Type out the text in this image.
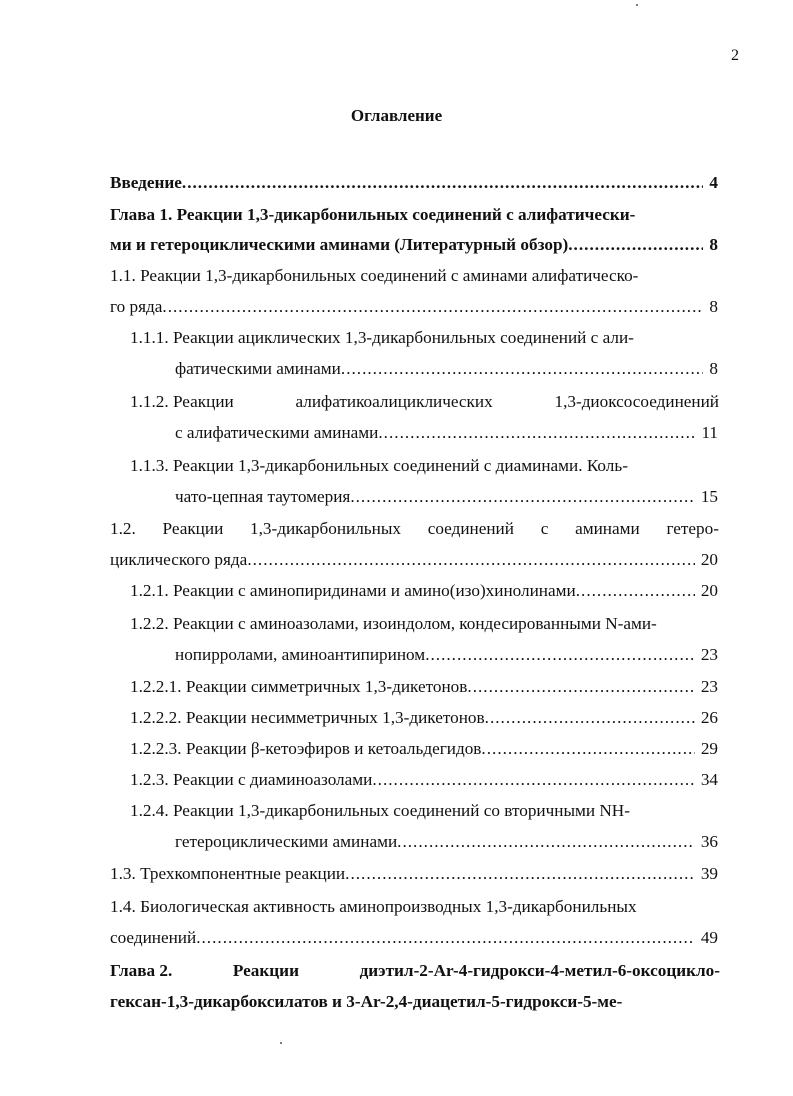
2
Оглавление
Введение .....	4
Глава 1. Реакции 1,3-дикарбонильных соединений с алифатически-
ми и гетероциклическими аминами (Литературный обзор) .....	8
1.1. Реакции 1,3-дикарбонильных соединений с аминами алифатическо-
го ряда .....	8
1.1.1. Реакции ациклических 1,3-дикарбонильных соединений с али-
фатическими аминами .....	8
1.1.2. Реакции	алифатикоалициклических	1,3-диоксосоединений
с алифатическими аминами .....	11
1.1.3. Реакции 1,3-дикарбонильных соединений с диаминами. Коль-
чато-цепная таутомерия .....	15
1.2. Реакции 1,3-дикарбонильных соединений с аминами гетеро-
циклического ряда .....	20
1.2.1. Реакции с аминопиридинами и амино(изо)хинолинами .....	20
1.2.2. Реакции с аминоазолами, изоиндолом, кондесированными N-ами-
нопирролами, аминоантипирином .....	23
1.2.2.1. Реакции симметричных 1,3-дикетонов .....	23
1.2.2.2. Реакции несимметричных 1,3-дикетонов .....	26
1.2.2.3. Реакции β-кетоэфиров и кетоальдегидов .....	29
1.2.3. Реакции с диаминоазолами .....	34
1.2.4. Реакции 1,3-дикарбонильных соединений со вторичными NH-
гетероциклическими аминами .....	36
1.3. Трехкомпонентные реакции .....	39
1.4. Биологическая активность аминопроизводных 1,3-дикарбонильных
соединений .....	49
Глава 2.	Реакции	диэтил-2-Ar-4-гидрокси-4-метил-6-оксоцикло-
гексан-1,3-дикарбоксилатов и 3-Ar-2,4-диацетил-5-гидрокси-5-ме-
